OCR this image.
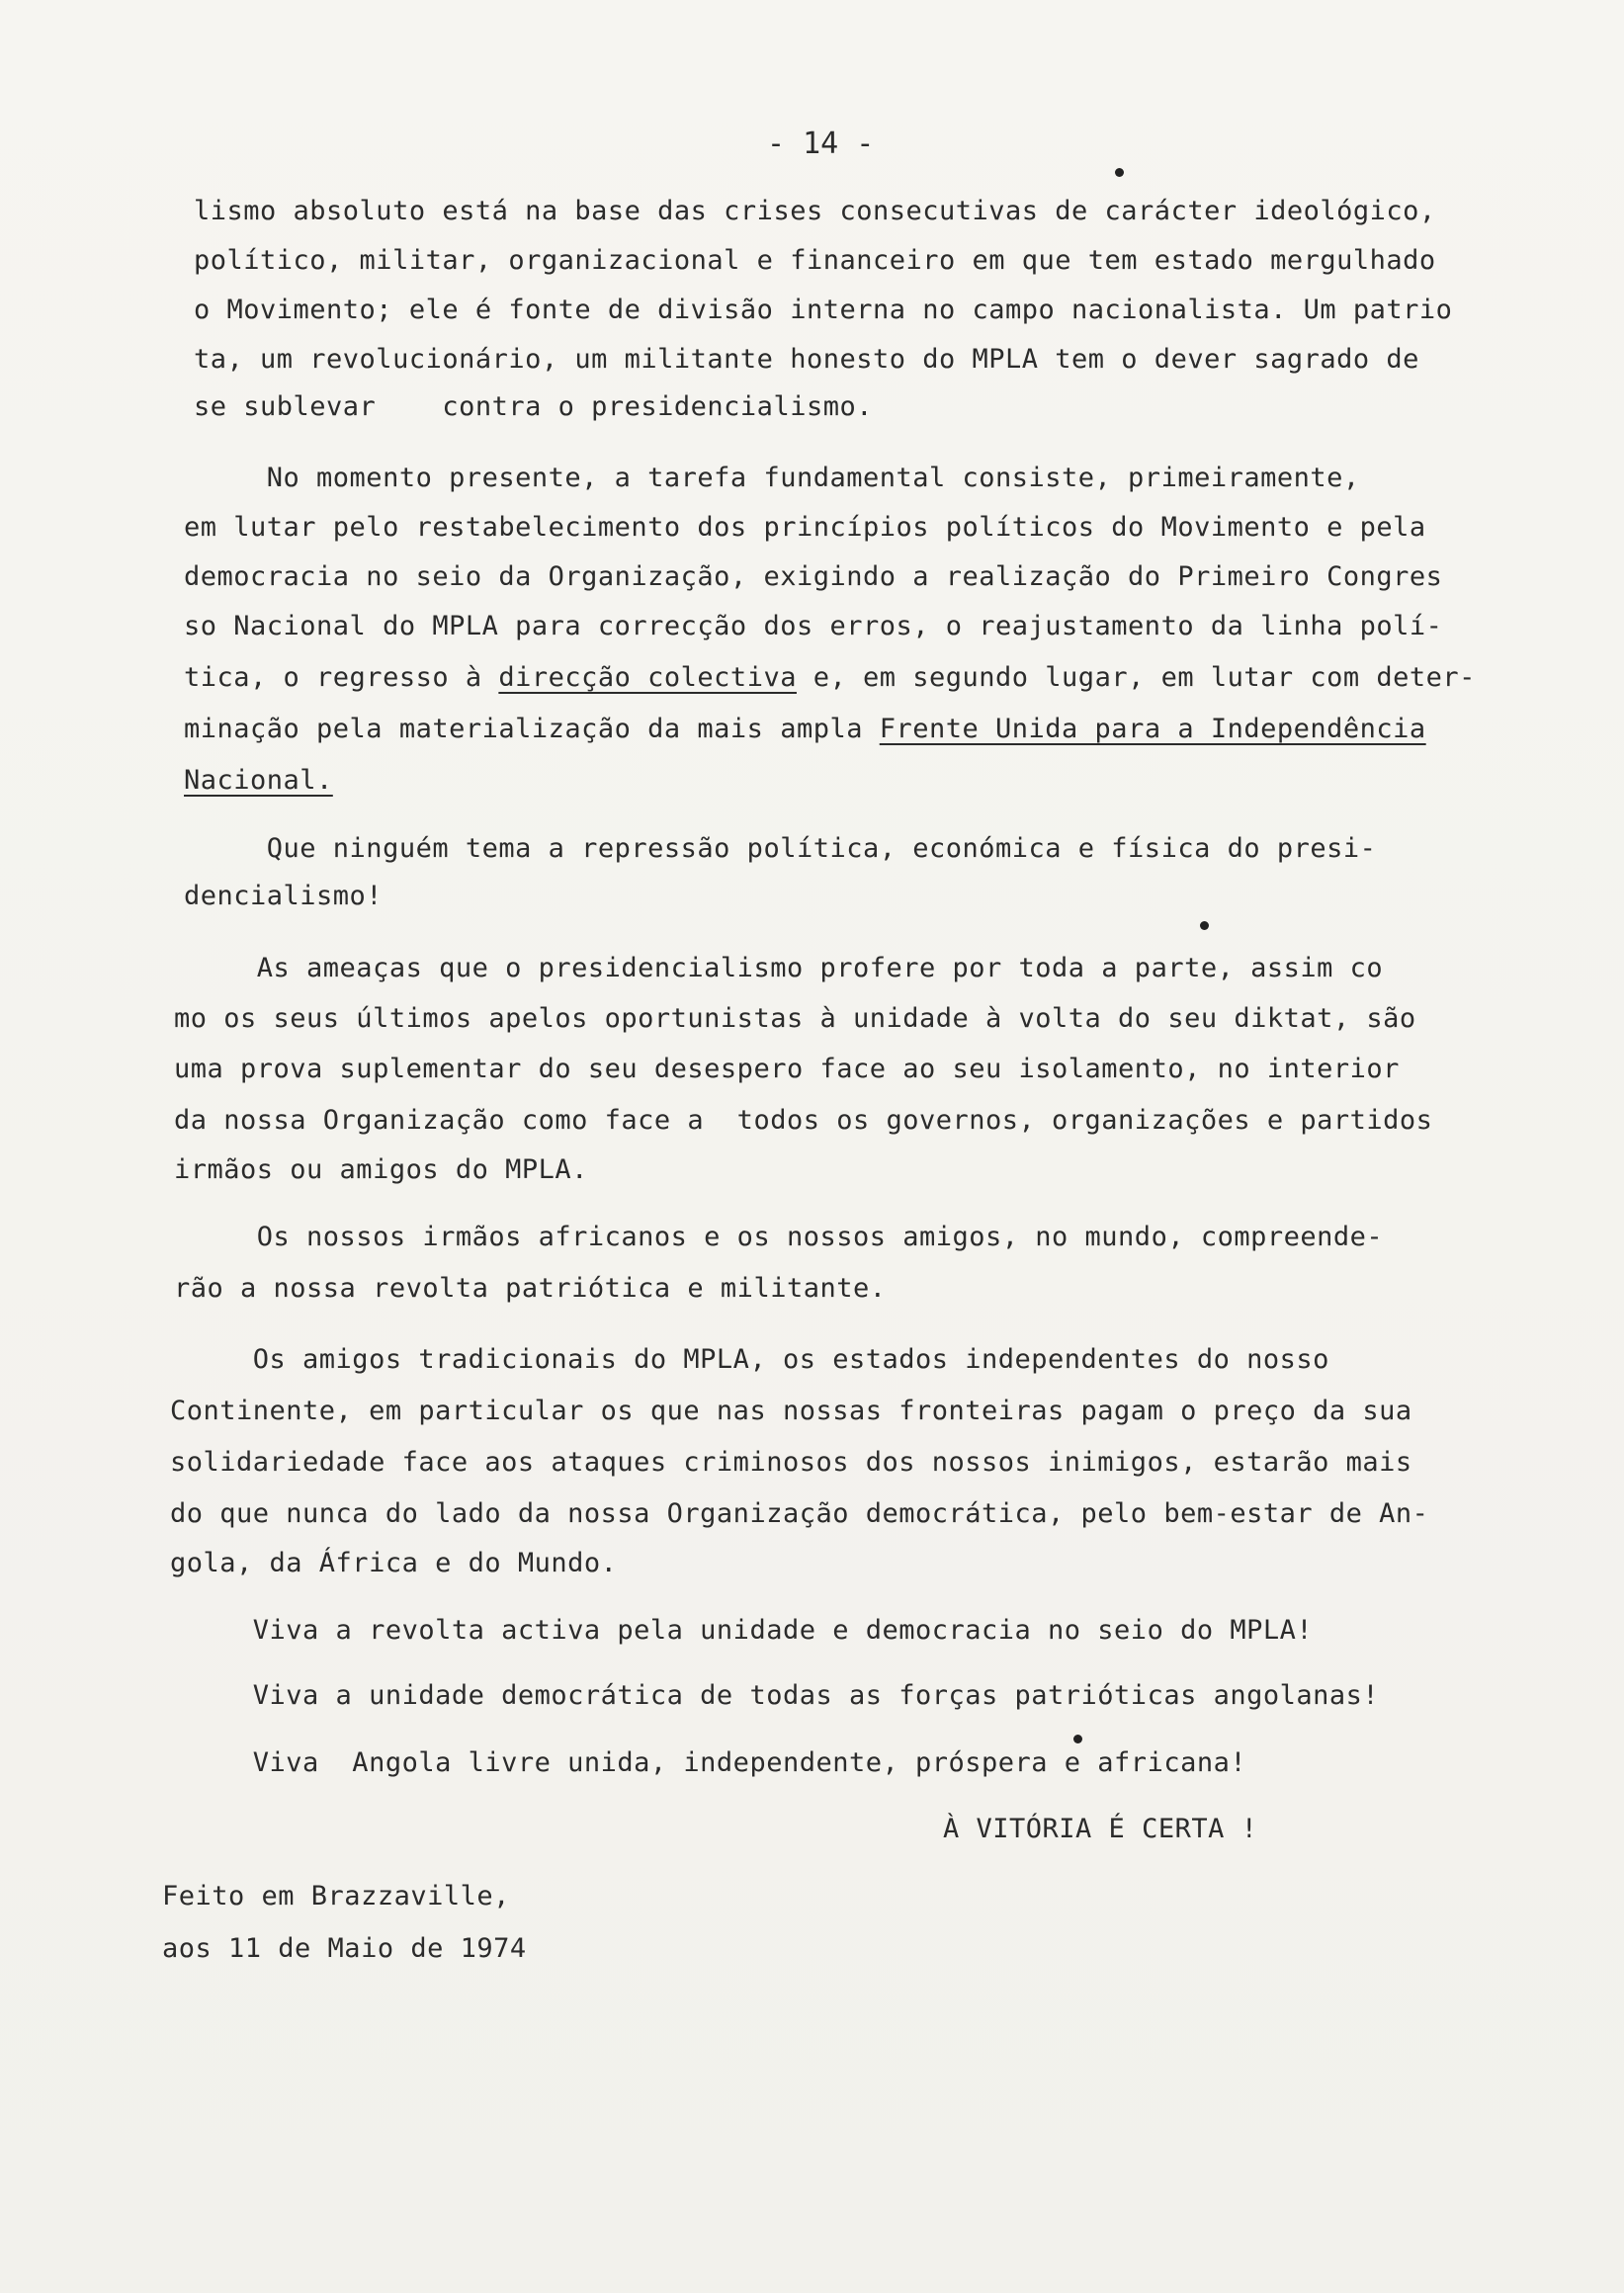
- 14 -
lismo absoluto está na base das crises consecutivas de carácter ideológico,
político, militar, organizacional e financeiro em que tem estado mergulhado
o Movimento; ele é fonte de divisão interna no campo nacionalista. Um patrio
ta, um revolucionário, um militante honesto do MPLA tem o dever sagrado de
se sublevar    contra o presidencialismo.
No momento presente, a tarefa fundamental consiste, primeiramente,
em lutar pelo restabelecimento dos princípios políticos do Movimento e pela
democracia no seio da Organização, exigindo a realização do Primeiro Congres
so Nacional do MPLA para correcção dos erros, o reajustamento da linha polí-
tica, o regresso à direcção colectiva e, em segundo lugar, em lutar com deter-
minação pela materialização da mais ampla Frente Unida para a Independência
Nacional.
Que ninguém tema a repressão política, económica e física do presi-
dencialismo!
As ameaças que o presidencialismo profere por toda a parte, assim co
mo os seus últimos apelos oportunistas à unidade à volta do seu diktat, são
uma prova suplementar do seu desespero face ao seu isolamento, no interior
da nossa Organização como face a  todos os governos, organizações e partidos
irmãos ou amigos do MPLA.
Os nossos irmãos africanos e os nossos amigos, no mundo, compreende-
rão a nossa revolta patriótica e militante.
Os amigos tradicionais do MPLA, os estados independentes do nosso
Continente, em particular os que nas nossas fronteiras pagam o preço da sua
solidariedade face aos ataques criminosos dos nossos inimigos, estarão mais
do que nunca do lado da nossa Organização democrática, pelo bem-estar de An-
gola, da África e do Mundo.
Viva a revolta activa pela unidade e democracia no seio do MPLA!
Viva a unidade democrática de todas as forças patrióticas angolanas!
Viva  Angola livre unida, independente, próspera e africana!
À VITÓRIA É CERTA !
Feito em Brazzaville,
aos 11 de Maio de 1974
